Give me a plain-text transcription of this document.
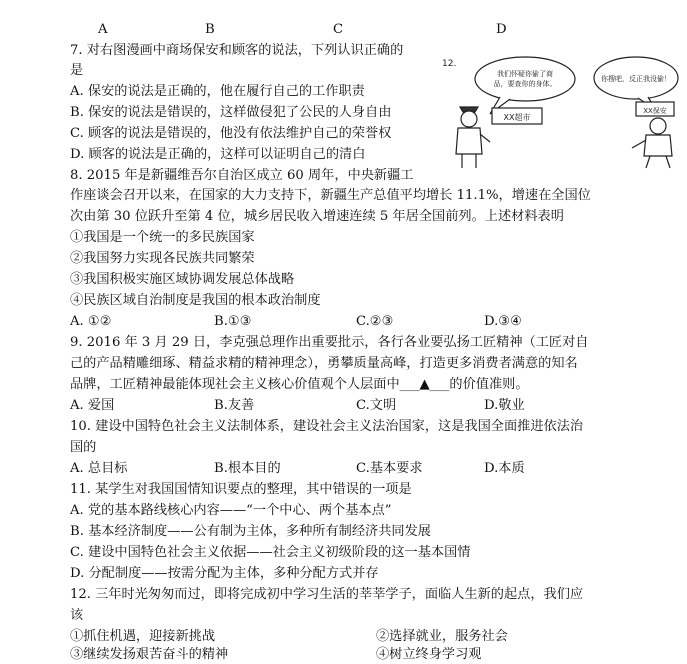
A	B	C	D
7. 对右图漫画中商场保安和顾客的说法，下列认识正确的
是
A. 保安的说法是正确的，他在履行自己的工作职责
B. 保安的说法是错误的，这样做侵犯了公民的人身自由
C. 顾客的说法是错误的，他没有依法维护自己的荣誉权
D. 顾客的说法是正确的，这样可以证明自己的清白
12.
我们怀疑你偷了商
品，要查你的身体。
你搜吧，反正我没偷！
XX超市
XX保安
8. 2015 年是新疆维吾尔自治区成立 60 周年，中央新疆工
作座谈会召开以来，在国家的大力支持下，新疆生产总值平均增长 11.1%，增速在全国位
次由第 30 位跃升至第 4 位，城乡居民收入增速连续 5 年居全国前列。上述材料表明
①我国是一个统一的多民族国家
②我国努力实现各民族共同繁荣
③我国积极实施区域协调发展总体战略
④民族区域自治制度是我国的根本政治制度
A. ①②	B.①③	C.②③	D.③④
9. 2016 年 3 月 29 日，李克强总理作出重要批示，各行各业要弘扬工匠精神（工匠对自
己的产品精雕细琢、精益求精的精神理念），勇攀质量高峰，打造更多消费者满意的知名
品牌，工匠精神最能体现社会主义核心价值观个人层面中___▲___的价值准则。
A. 爱国	B.友善	C.文明	D.敬业
10. 建设中国特色社会主义法制体系，建设社会主义法治国家，这是我国全面推进依法治
国的
A. 总目标	B.根本目的	C.基本要求	D.本质
11. 某学生对我国国情知识要点的整理，其中错误的一项是
A. 党的基本路线核心内容——“一个中心、两个基本点”
B. 基本经济制度——公有制为主体，多种所有制经济共同发展
C. 建设中国特色社会主义依据——社会主义初级阶段的这一基本国情
D. 分配制度——按需分配为主体，多种分配方式并存
12. 三年时光匆匆而过，即将完成初中学习生活的莘莘学子，面临人生新的起点，我们应
该
①抓住机遇，迎接新挑战	②选择就业，服务社会
③继续发扬艰苦奋斗的精神	④树立终身学习观
